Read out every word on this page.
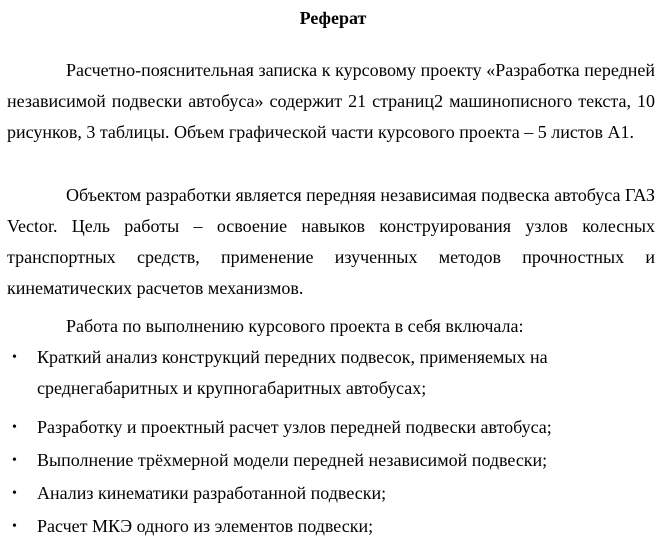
Реферат

Расчетно-пояснительная записка к курсовому проекту «Разработка передней независимой подвески автобуса» содержит 21 страниц2 машинописного текста, 10 рисунков, 3 таблицы. Объем графической части курсового проекта – 5 листов А1.

Объектом разработки является передняя независимая подвеска автобуса ГАЗ Vector. Цель работы – освоение навыков конструирования узлов колесных транспортных средств, применение изученных методов прочностных и кинематических расчетов механизмов.

Работа по выполнению курсового проекта в себя включала:

• Краткий анализ конструкций передних подвесок, применяемых на среднегабаритных и крупногабаритных автобусах;
• Разработку и проектный расчет узлов передней подвески автобуса;
• Выполнение трёхмерной модели передней независимой подвески;
• Анализ кинематики разработанной подвески;
• Расчет МКЭ одного из элементов подвески;
